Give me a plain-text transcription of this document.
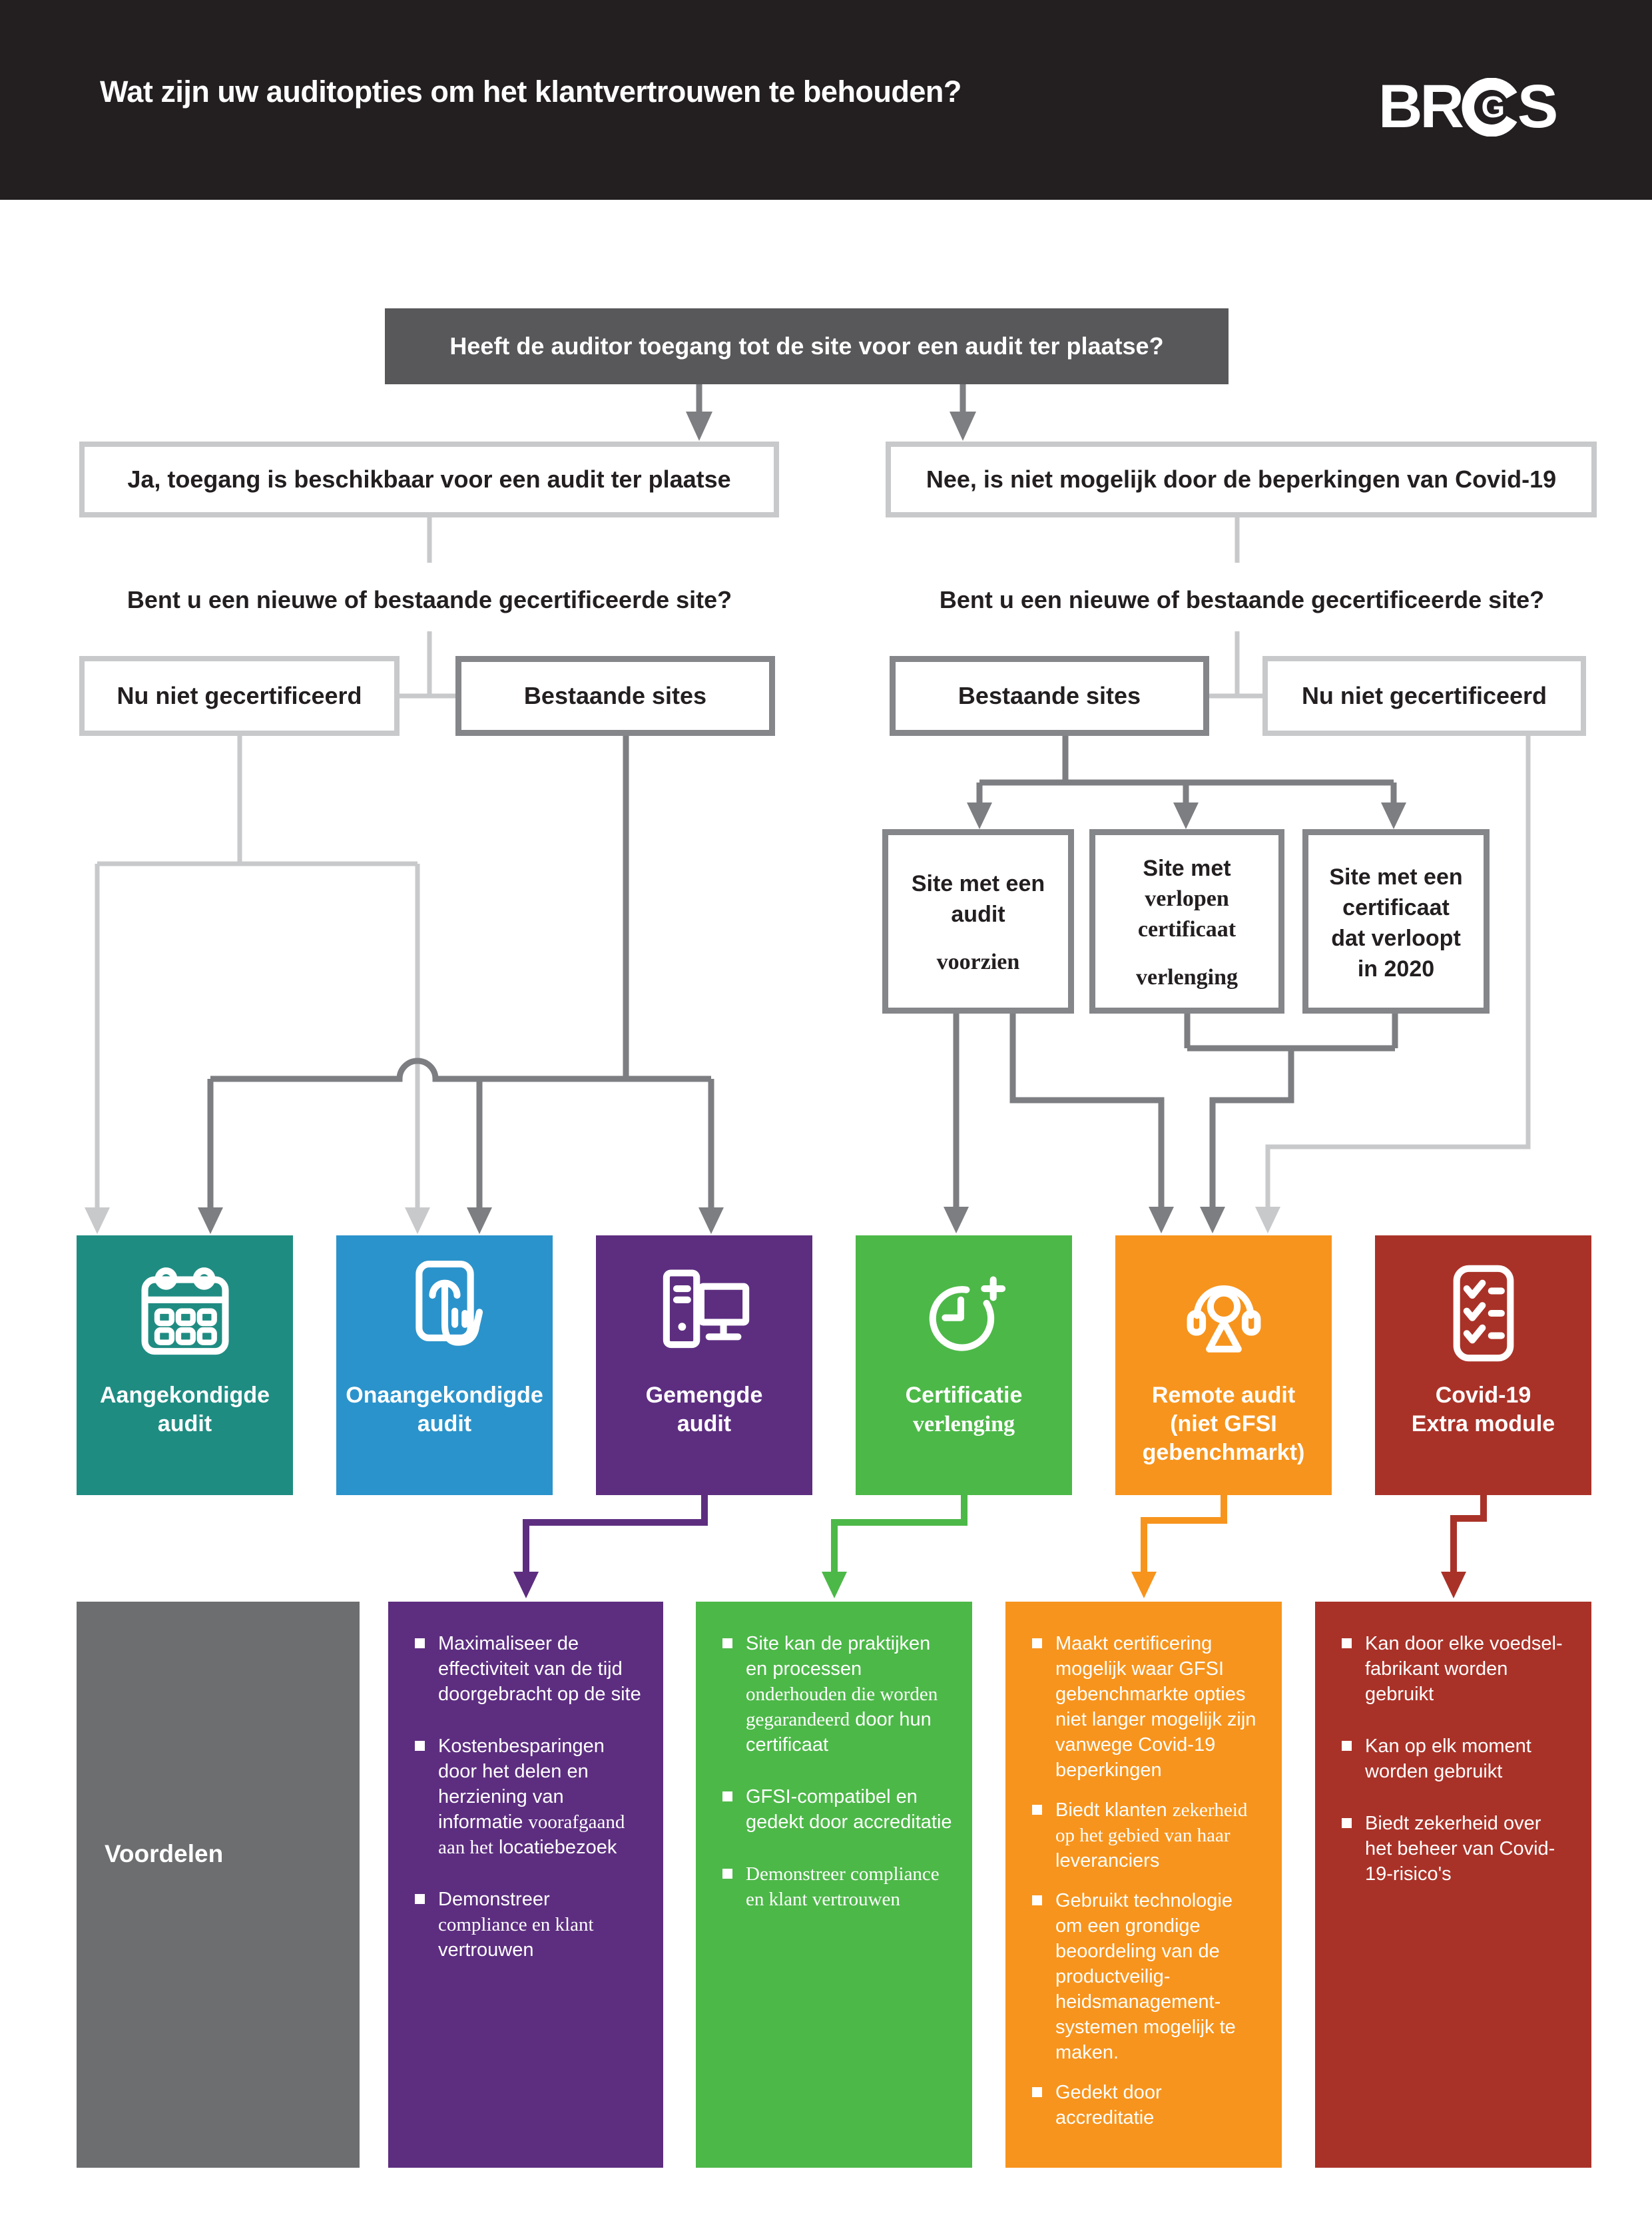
Wat zijn uw auditopties om het klantvertrouwen te behouden?	BR G S
Heeft de auditor toegang tot de site voor een audit ter plaatse?
Ja, toegang is beschikbaar voor een audit ter plaatse	Nee, is niet mogelijk door de beperkingen van Covid-19
Bent u een nieuwe of bestaande gecertificeerde site?	Bent u een nieuwe of bestaande gecertificeerde site?
Nu niet gecertificeerd	Bestaande sites	Bestaande sites	Nu niet gecertificeerd
Site met een
audit
voorzien
Site met
verlopen
certificaat
verlenging
Site met een
certificaat
dat verloopt
in 2020
Aangekondigde
audit
Onaangekondigde
audit
Gemengde
audit
Certificatie
verlenging
Remote audit
(niet GFSI
gebenchmarkt)
Covid-19
Extra module
Voordelen
Maximaliseer de effectiviteit van de tijd doorgebracht op de site
Kostenbesparingen door het delen en herziening van informatie voorafgaand aan het locatiebezoek
Demonstreer compliance en klant vertrouwen
Site kan de praktijken en processen onderhouden die worden gegarandeerd door hun certificaat
GFSI-compatibel en gedekt door accreditatie
Demonstreer compliance en klant vertrouwen
Maakt certificering mogelijk waar GFSI gebenchmarkte opties niet langer mogelijk zijn vanwege Covid-19 beperkingen
Biedt klanten zekerheid op het gebied van haar leveranciers
Gebruikt technologie om een grondige beoordeling van de productveilig-heidsmanagement-systemen mogelijk te maken.
Gedekt door accreditatie
Kan door elke voedsel-fabrikant worden gebruikt
Kan op elk moment worden gebruikt
Biedt zekerheid over het beheer van Covid-19-risico's
